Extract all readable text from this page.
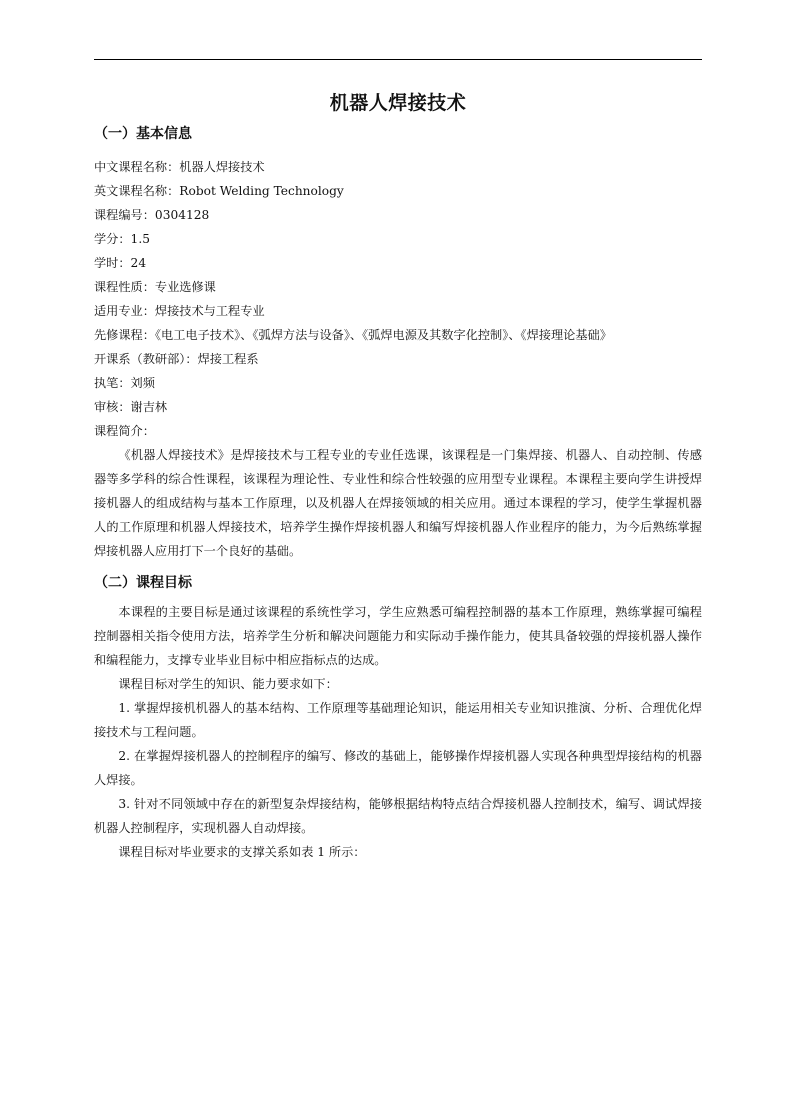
机器人焊接技术
（一）基本信息

中文课程名称：机器人焊接技术

英文课程名称：Robot Welding Technology

课程编号：0304128

学分：1.5

学时：24

课程性质：专业选修课

适用专业：焊接技术与工程专业

先修课程：《电工电子技术》、《弧焊方法与设备》、《弧焊电源及其数字化控制》、《焊接理论基础》

开课系（教研部）：焊接工程系

执笔：刘频

审核：谢吉林

课程简介：

《机器人焊接技术》是焊接技术与工程专业的专业任选课，该课程是一门集焊接、机器人、自动控制、传感器等多学科的综合性课程，该课程为理论性、专业性和综合性较强的应用型专业课程。本课程主要向学生讲授焊接机器人的组成结构与基本工作原理，以及机器人在焊接领域的相关应用。通过本课程的学习，使学生掌握机器人的工作原理和机器人焊接技术，培养学生操作焊接机器人和编写焊接机器人作业程序的能力，为今后熟练掌握焊接机器人应用打下一个良好的基础。

（二）课程目标

本课程的主要目标是通过该课程的系统性学习，学生应熟悉可编程控制器的基本工作原理，熟练掌握可编程控制器相关指令使用方法，培养学生分析和解决问题能力和实际动手操作能力，使其具备较强的焊接机器人操作和编程能力，支撑专业毕业目标中相应指标点的达成。

课程目标对学生的知识、能力要求如下：

1. 掌握焊接机机器人的基本结构、工作原理等基础理论知识，能运用相关专业知识推演、分析、合理优化焊接技术与工程问题。

2. 在掌握焊接机器人的控制程序的编写、修改的基础上，能够操作焊接机器人实现各种典型焊接结构的机器人焊接。

3. 针对不同领域中存在的新型复杂焊接结构，能够根据结构特点结合焊接机器人控制技术，编写、调试焊接机器人控制程序，实现机器人自动焊接。

课程目标对毕业要求的支撑关系如表 1 所示：
